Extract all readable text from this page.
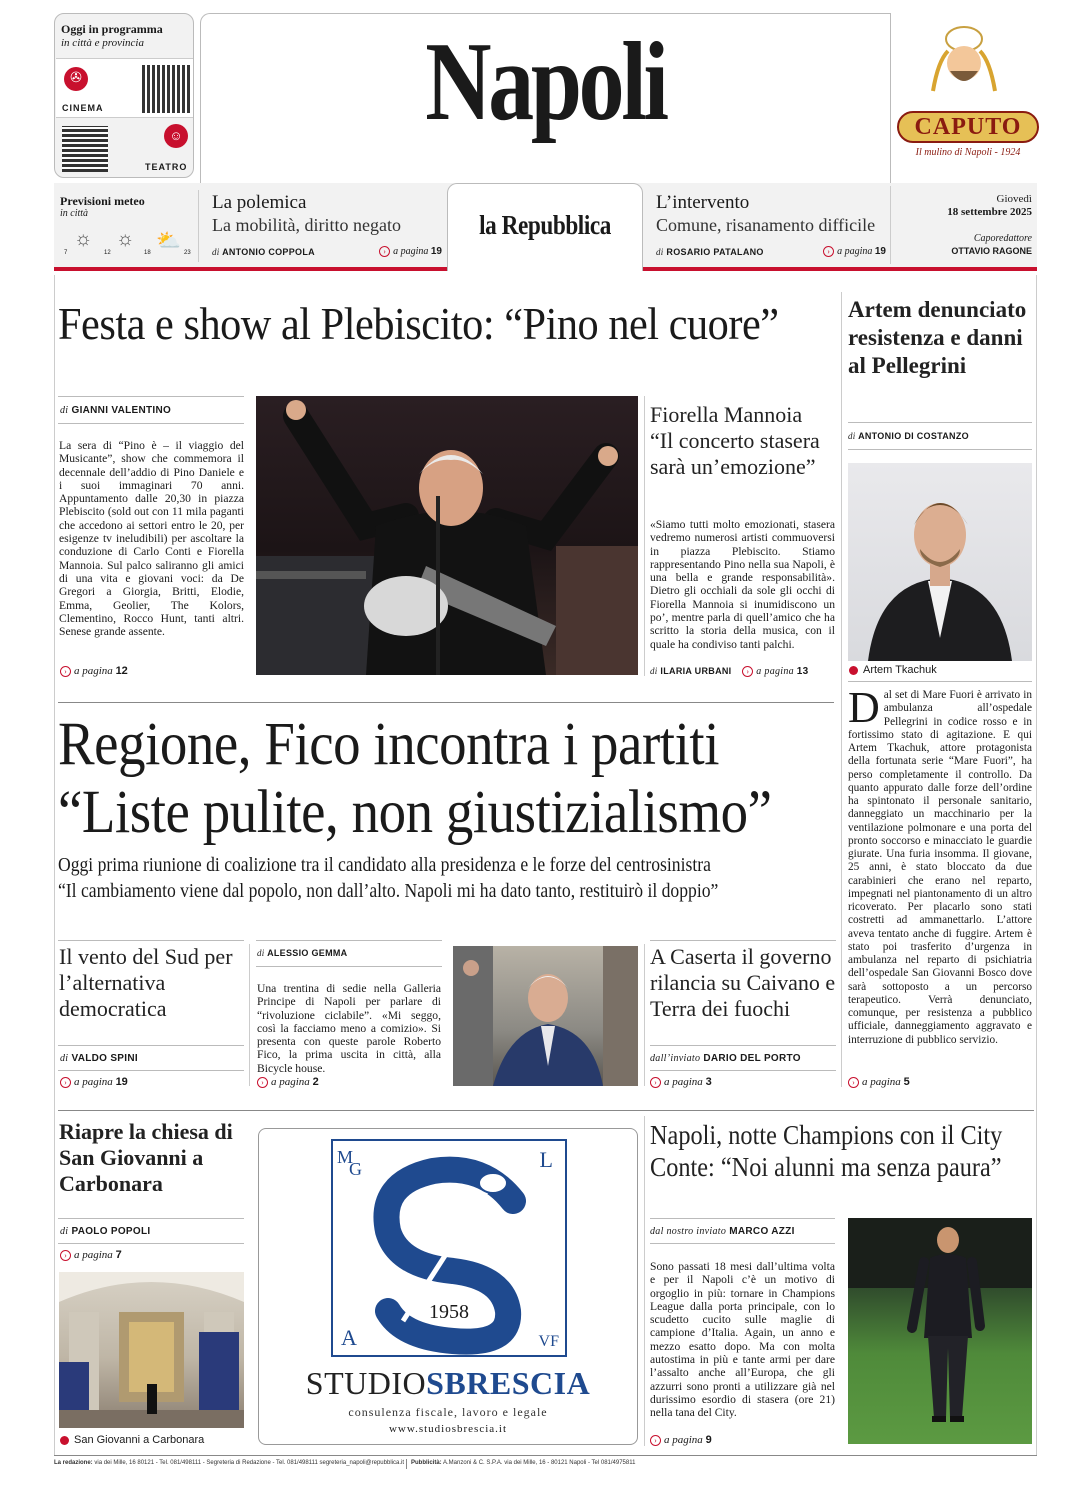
Oggi in programma
in città e provincia
✇
CINEMA
☺
TEATRO
Napoli	CAPUTO
Il mulino di Napoli - 1924
Previsioni meteo
in città
☼ ☼ ⛅
7	12	18	23
La polemica
La mobilità, diritto negato
di ANTONIO COPPOLA	› a pagina 19
la Repubblica
L’intervento
Comune, risanamento difficile
di ROSARIO PATALANO	› a pagina 19
Giovedì
18 settembre 2025
Caporedattore
OTTAVIO RAGONE
Festa e show al Plebiscito: “Pino nel cuore”
di GIANNI VALENTINO
La sera di “Pino è – il viaggio del Musicante”, show che commemora il decennale dell’addio di Pino Daniele e i suoi immaginari 70 anni. Appuntamento dalle 20,30 in piazza Plebiscito (sold out con 11 mila paganti che accedono ai settori entro le 20, per esigenze tv ineludibili) per ascoltare la conduzione di Carlo Conti e Fiorella Mannoia. Sul palco saliranno gli amici di una vita e giovani voci: da De Gregori a Giorgia, Britti, Elodie, Emma, Geolier, The Kolors, Clementino, Rocco Hunt, tanti altri. Senese grande assente.
› a pagina 12
Fiorella Mannoia “Il concerto stasera sarà un’emozione”
«Siamo tutti molto emozionati, stasera vedremo numerosi artisti commuoversi in piazza Plebiscito. Stiamo rappresentando Pino nella sua Napoli, è una bella e grande responsabilità». Dietro gli occhiali da sole gli occhi di Fiorella Mannoia si inumidiscono un po’, mentre parla di quell’amico che ha scritto la storia della musica, con il quale ha condiviso tanti palchi.
di ILARIA URBANI › a pagina 13
Artem denunciato resistenza e danni al Pellegrini
di ANTONIO DI COSTANZO
Artem Tkachuk
D al set di Mare Fuori è arrivato in ambulanza all’ospedale Pellegrini in codice rosso e in fortissimo stato di agitazione. E qui Artem Tkachuk, attore protagonista della fortunata serie “Mare Fuori”, ha perso completamente il controllo. Da quanto appurato dalle forze dell’ordine ha spintonato il personale sanitario, danneggiato un macchinario per la ventilazione polmonare e una porta del pronto soccorso e minacciato le guardie giurate. Una furia insomma. Il giovane, 25 anni, è stato bloccato da due carabinieri che erano nel reparto, impegnati nel piantonamento di un altro ricoverato. Per placarlo sono stati costretti ad ammanettarlo. L’attore aveva tentato anche di fuggire. Artem è stato poi trasferito d’urgenza in ambulanza nel reparto di psichiatria dell’ospedale San Giovanni Bosco dove sarà sottoposto a un percorso terapeutico. Verrà denunciato, comunque, per resistenza a pubblico ufficiale, danneggiamento aggravato e interruzione di pubblico servizio.
› a pagina 5
Regione, Fico incontra i partiti
“Liste pulite, non giustizialismo”
Oggi prima riunione di coalizione tra il candidato alla presidenza e le forze del centrosinistra
“Il cambiamento viene dal popolo, non dall’alto. Napoli mi ha dato tanto, restituirò il doppio”
Il vento del Sud per l’alternativa democratica
di VALDO SPINI
› a pagina 19
di ALESSIO GEMMA
Una trentina di sedie nella Galleria Principe di Napoli per parlare di “rivoluzione ciclabile”. «Mi seggo, così la facciamo meno a comizio». Si presenta con queste parole Roberto Fico, la prima uscita in città, alla Bicycle house.
› a pagina 2
A Caserta il governo rilancia su Caivano e Terra dei fuochi
dall’inviato DARIO DEL PORTO
› a pagina 3
Riapre la chiesa di San Giovanni a Carbonara
di PAOLO POPOLI
› a pagina 7
San Giovanni a Carbonara
M
G	L
A	VF
1958
STUDIOSBRESCIA
consulenza fiscale, lavoro e legale
www.studiosbrescia.it
Napoli, notte Champions con il City
Conte: “Noi alunni ma senza paura”
dal nostro inviato MARCO AZZI
Sono passati 18 mesi dall’ultima volta e per il Napoli c’è un motivo di orgoglio in più: tornare in Champions League dalla porta principale, con lo scudetto cucito sulle maglie di campione d’Italia. Again, un anno e mezzo esatto dopo. Ma con molta autostima in più e tante armi per dare l’assalto anche all’Europa, che gli azzurri sono pronti a utilizzare già nel durissimo esordio di stasera (ore 21) nella tana del City.
› a pagina 9
La redazione: via dei Mille, 16 80121 - Tel. 081/498111 - Segreteria di Redazione - Tel. 081/498111 segreteria_napoli@repubblica.it Pubblicità: A.Manzoni & C. S.P.A. via dei Mille, 16 - 80121 Napoli - Tel 081/4975811
